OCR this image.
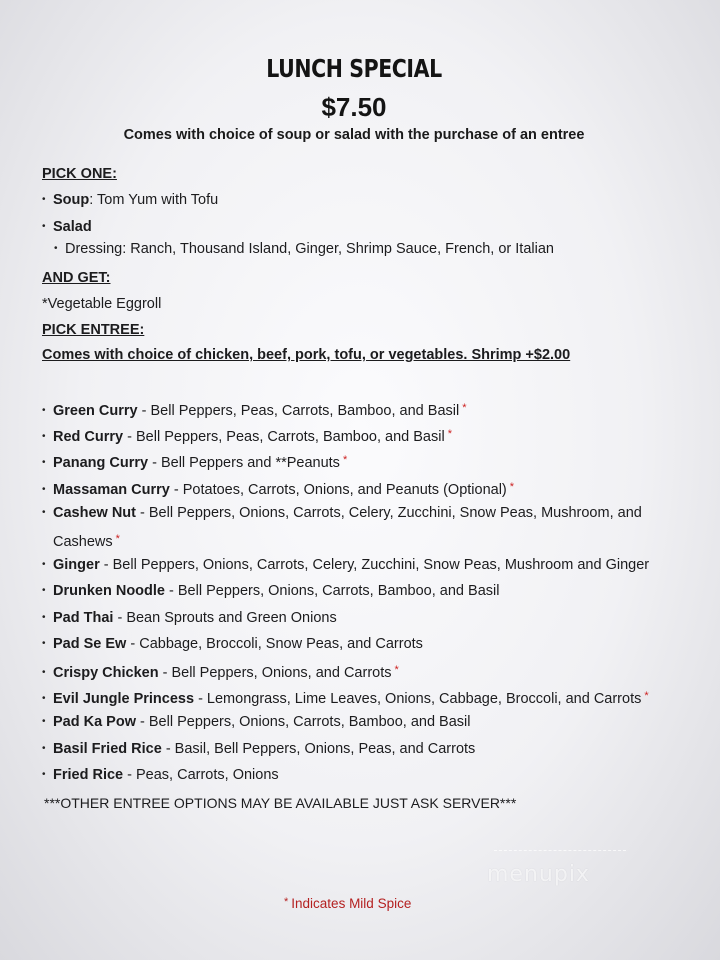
LUNCH SPECIAL
$7.50
Comes with choice of soup or salad with the purchase of an entree
PICK ONE:
• Soup: Tom Yum with Tofu
• Salad
• Dressing: Ranch, Thousand Island, Ginger, Shrimp Sauce, French, or Italian
AND GET:
*Vegetable Eggroll
PICK ENTREE:
Comes with choice of chicken, beef, pork, tofu, or vegetables. Shrimp +$2.00
• Green Curry - Bell Peppers, Peas, Carrots, Bamboo, and Basil *
• Red Curry - Bell Peppers, Peas, Carrots, Bamboo, and Basil *
• Panang Curry - Bell Peppers and **Peanuts *
• Massaman Curry - Potatoes, Carrots, Onions, and Peanuts (Optional) *
• Cashew Nut - Bell Peppers, Onions, Carrots, Celery, Zucchini, Snow Peas, Mushroom, and
Cashews *
• Ginger - Bell Peppers, Onions, Carrots, Celery, Zucchini, Snow Peas, Mushroom and Ginger
• Drunken Noodle - Bell Peppers, Onions, Carrots, Bamboo, and Basil
• Pad Thai - Bean Sprouts and Green Onions
• Pad Se Ew - Cabbage, Broccoli, Snow Peas, and Carrots
• Crispy Chicken - Bell Peppers, Onions, and Carrots *
• Evil Jungle Princess - Lemongrass, Lime Leaves, Onions, Cabbage, Broccoli, and Carrots *
• Pad Ka Pow - Bell Peppers, Onions, Carrots, Bamboo, and Basil
• Basil Fried Rice - Basil, Bell Peppers, Onions, Peas, and Carrots
• Fried Rice - Peas, Carrots, Onions
***OTHER ENTREE OPTIONS MAY BE AVAILABLE JUST ASK SERVER***
menupix
* Indicates Mild Spice
